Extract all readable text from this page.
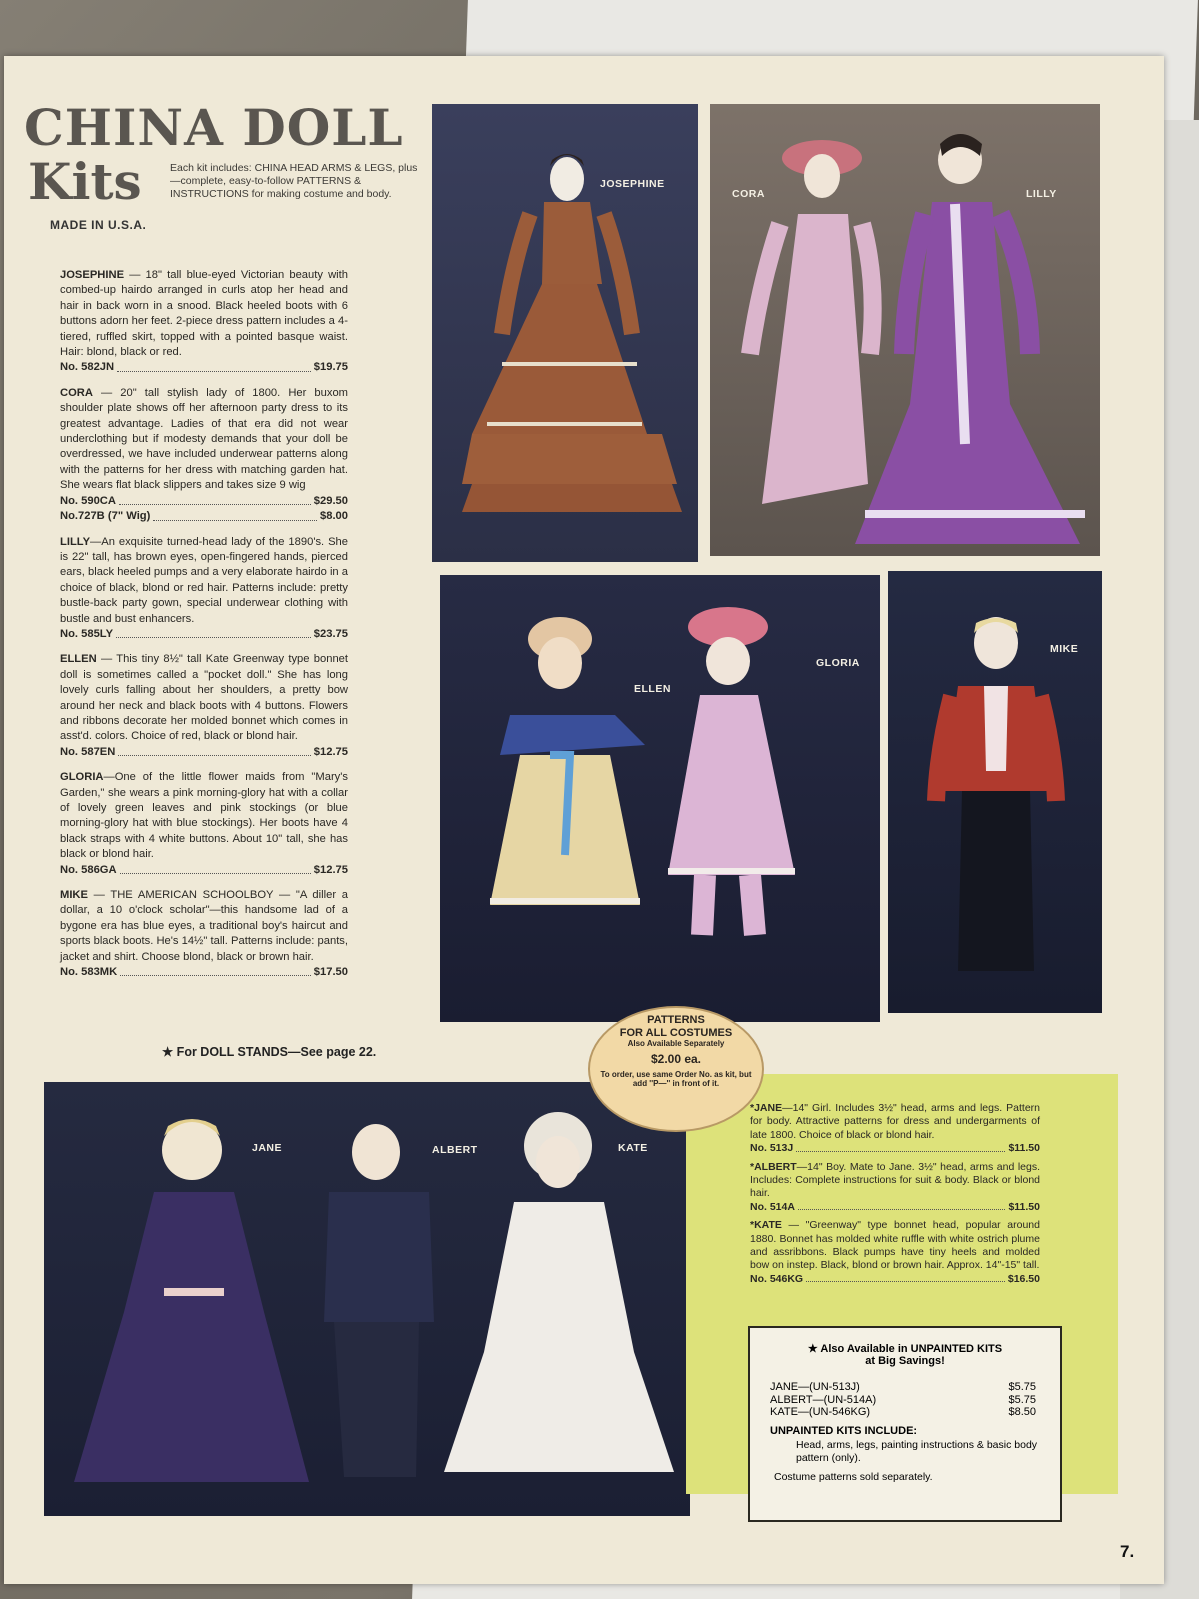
CHINA DOLL
Kits	Each kit includes: CHINA HEAD ARMS & LEGS, plus—complete, easy-to-follow PATTERNS & INSTRUCTIONS for making costume and body.
MADE IN U.S.A.
JOSEPHINE — 18" tall blue-eyed Victorian beauty with combed-up hairdo arranged in curls atop her head and hair in back worn in a snood. Black heeled boots with 6 buttons adorn her feet. 2-piece dress pattern includes a 4-tiered, ruffled skirt, topped with a pointed basque waist. Hair: blond, black or red.
No. 582JN	$19.75
CORA — 20" tall stylish lady of 1800. Her buxom shoulder plate shows off her afternoon party dress to its greatest advantage. Ladies of that era did not wear underclothing but if modesty demands that your doll be overdressed, we have included underwear patterns along with the patterns for her dress with matching garden hat. She wears flat black slippers and takes size 9 wig
No. 590CA	$29.50
No.727B (7" Wig)	$8.00
LILLY—An exquisite turned-head lady of the 1890's. She is 22" tall, has brown eyes, open-fingered hands, pierced ears, black heeled pumps and a very elaborate hairdo in a choice of black, blond or red hair. Patterns include: pretty bustle-back party gown, special underwear clothing with bustle and bust enhancers.
No. 585LY	$23.75
ELLEN — This tiny 8½" tall Kate Greenway type bonnet doll is sometimes called a "pocket doll." She has long lovely curls falling about her shoulders, a pretty bow around her neck and black boots with 4 buttons. Flowers and ribbons decorate her molded bonnet which comes in asst'd. colors. Choice of red, black or blond hair.
No. 587EN	$12.75
GLORIA—One of the little flower maids from "Mary's Garden," she wears a pink morning-glory hat with a collar of lovely green leaves and pink stockings (or blue morning-glory hat with blue stockings). Her boots have 4 black straps with 4 white buttons. About 10" tall, she has black or blond hair.
No. 586GA	$12.75
MIKE — THE AMERICAN SCHOOLBOY — "A diller a dollar, a 10 o'clock scholar"—this handsome lad of a bygone era has blue eyes, a traditional boy's haircut and sports black boots. He's 14½" tall. Patterns include: pants, jacket and shirt. Choose blond, black or brown hair.
No. 583MK	$17.50
★ For DOLL STANDS—See page 22.
JOSEPHINE
CORA	LILLY
ELLEN
GLORIA
MIKE
JANE	ALBERT	KATE
*JANE—14" Girl. Includes 3½" head, arms and legs. Pattern for body. Attractive patterns for dress and undergarments of late 1800. Choice of black or blond hair.
No. 513J	$11.50
*ALBERT—14" Boy. Mate to Jane. 3½" head, arms and legs. Includes: Complete instructions for suit & body. Black or blond hair.
No. 514A	$11.50
*KATE — "Greenway" type bonnet head, popular around 1880. Bonnet has molded white ruffle with white ostrich plume and assribbons. Black pumps have tiny heels and molded bow on instep. Black, blond or brown hair. Approx. 14"-15" tall.
No. 546KG	$16.50
★ Also Available in UNPAINTED KITS
at Big Savings!
JANE—(UN-513J)	$5.75
ALBERT—(UN-514A)	$5.75
KATE—(UN-546KG)	$8.50
UNPAINTED KITS INCLUDE:
Head, arms, legs, painting instructions & basic body pattern (only).
Costume patterns sold separately.
PATTERNS
FOR ALL COSTUMES
Also Available Separately
$2.00 ea.
To order, use same Order No. as kit, but add ''P—'' in front of it.
7.
